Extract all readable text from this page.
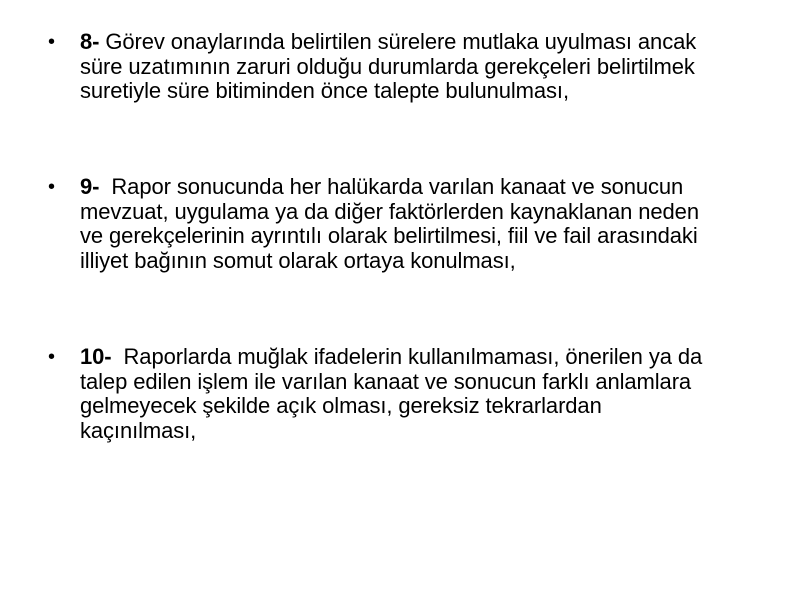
• 8- Görev onaylarında belirtilen sürelere mutlaka uyulması ancak süre uzatımının zaruri olduğu durumlarda gerekçeleri belirtilmek suretiyle süre bitiminden önce talepte bulunulması,
• 9-  Rapor sonucunda her halükarda varılan kanaat ve sonucun mevzuat, uygulama ya da diğer faktörlerden kaynaklanan neden ve gerekçelerinin ayrıntılı olarak belirtilmesi, fiil ve fail arasındaki illiyet bağının somut olarak ortaya konulması,
• 10-  Raporlarda muğlak ifadelerin kullanılmaması, önerilen ya da talep edilen işlem ile varılan kanaat ve sonucun farklı anlamlara gelmeyecek şekilde açık olması, gereksiz tekrarlardan kaçınılması,
